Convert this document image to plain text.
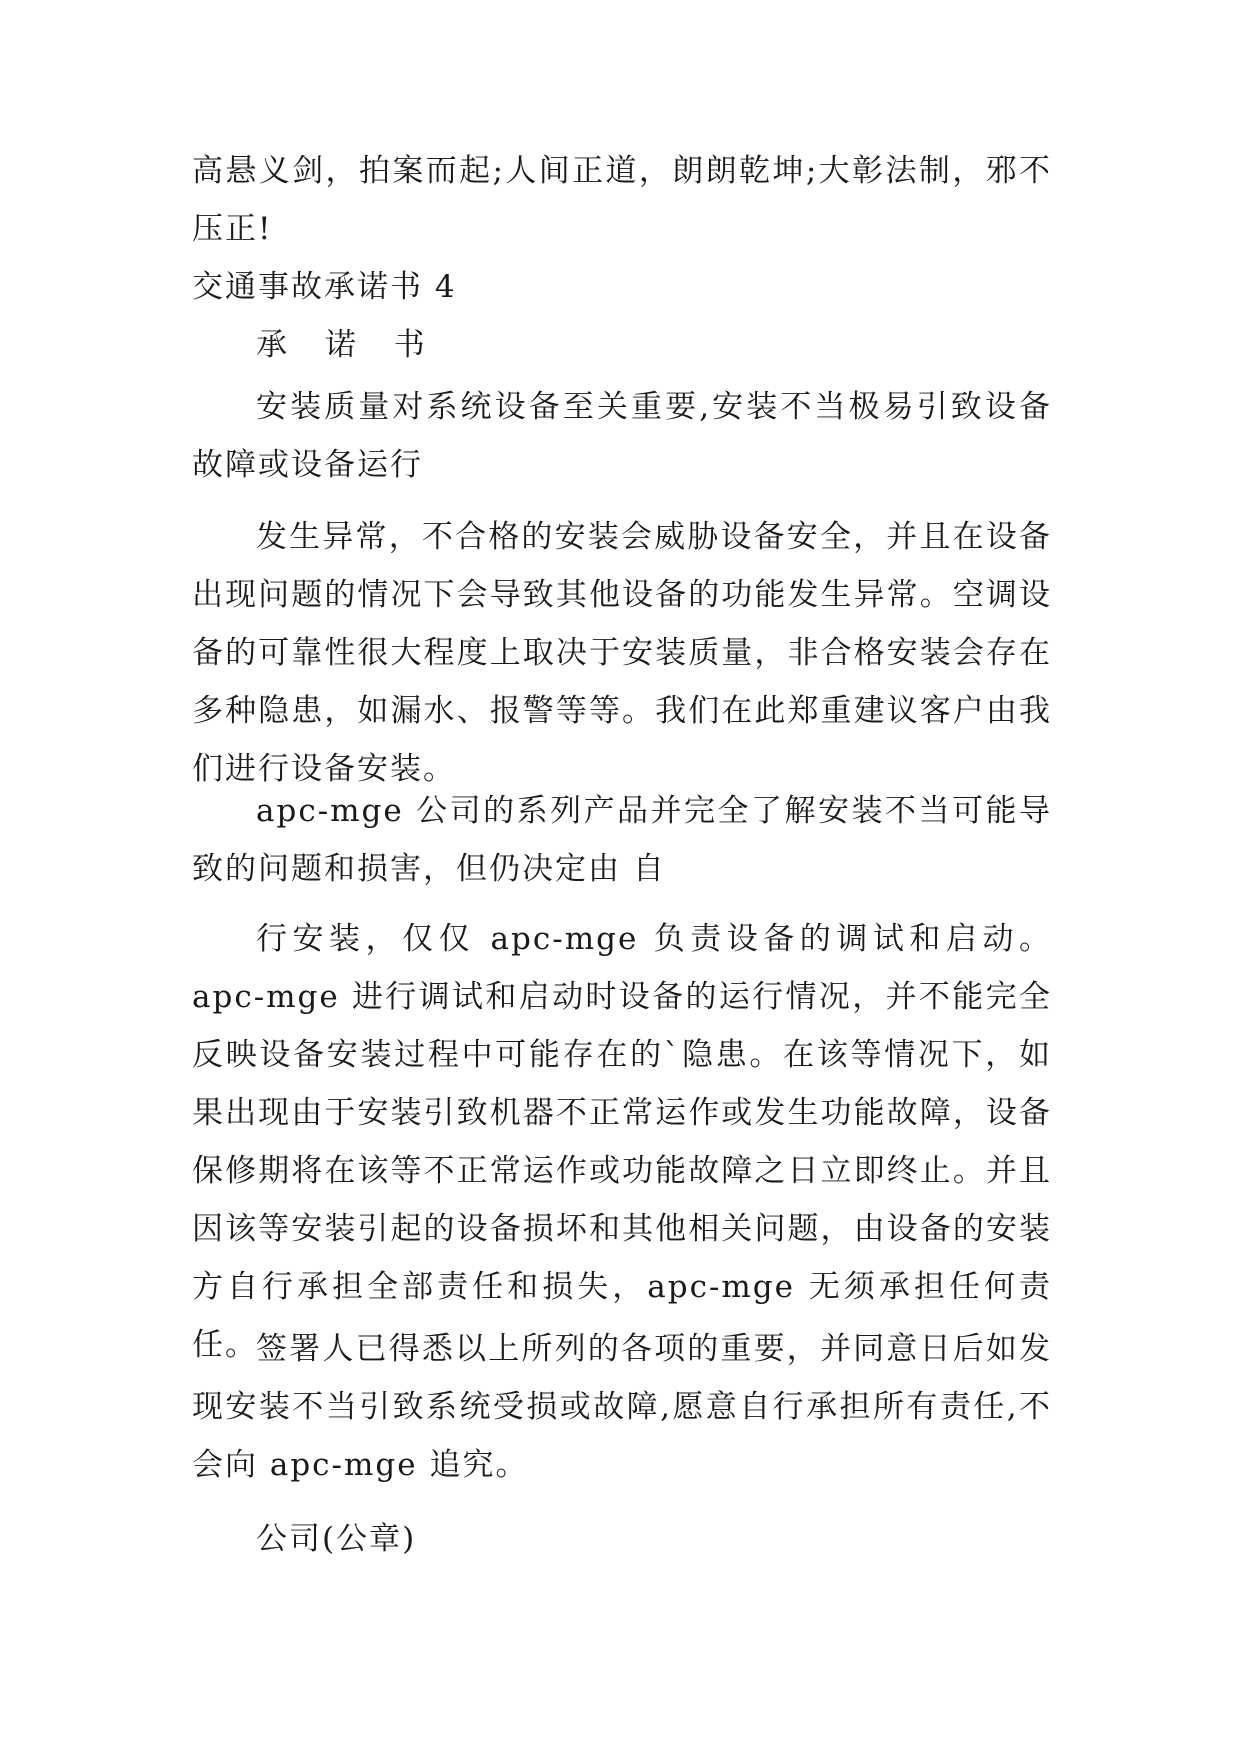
高悬义剑，拍案而起;人间正道，朗朗乾坤;大彰法制，邪不压正!
交通事故承诺书 4
承 诺 书
安装质量对系统设备至关重要,安装不当极易引致设备故障或设备运行
发生异常，不合格的安装会威胁设备安全，并且在设备出现问题的情况下会导致其他设备的功能发生异常。空调设备的可靠性很大程度上取决于安装质量，非合格安装会存在多种隐患，如漏水、报警等等。我们在此郑重建议客户由我们进行设备安装。
apc-mge 公司的系列产品并完全了解安装不当可能导致的问题和损害，但仍决定由 自
行安装，仅仅 apc-mge 负责设备的调试和启动。apc-mge 进行调试和启动时设备的运行情况，并不能完全反映设备安装过程中可能存在的`隐患。在该等情况下，如果出现由于安装引致机器不正常运作或发生功能故障，设备保修期将在该等不正常运作或功能故障之日立即终止。并且因该等安装引起的设备损坏和其他相关问题，由设备的安装方自行承担全部责任和损失，apc-mge 无须承担任何责任。
签署人已得悉以上所列的各项的重要，并同意日后如发现安装不当引致系统受损或故障,愿意自行承担所有责任,不会向 apc-mge 追究。
公司(公章)
